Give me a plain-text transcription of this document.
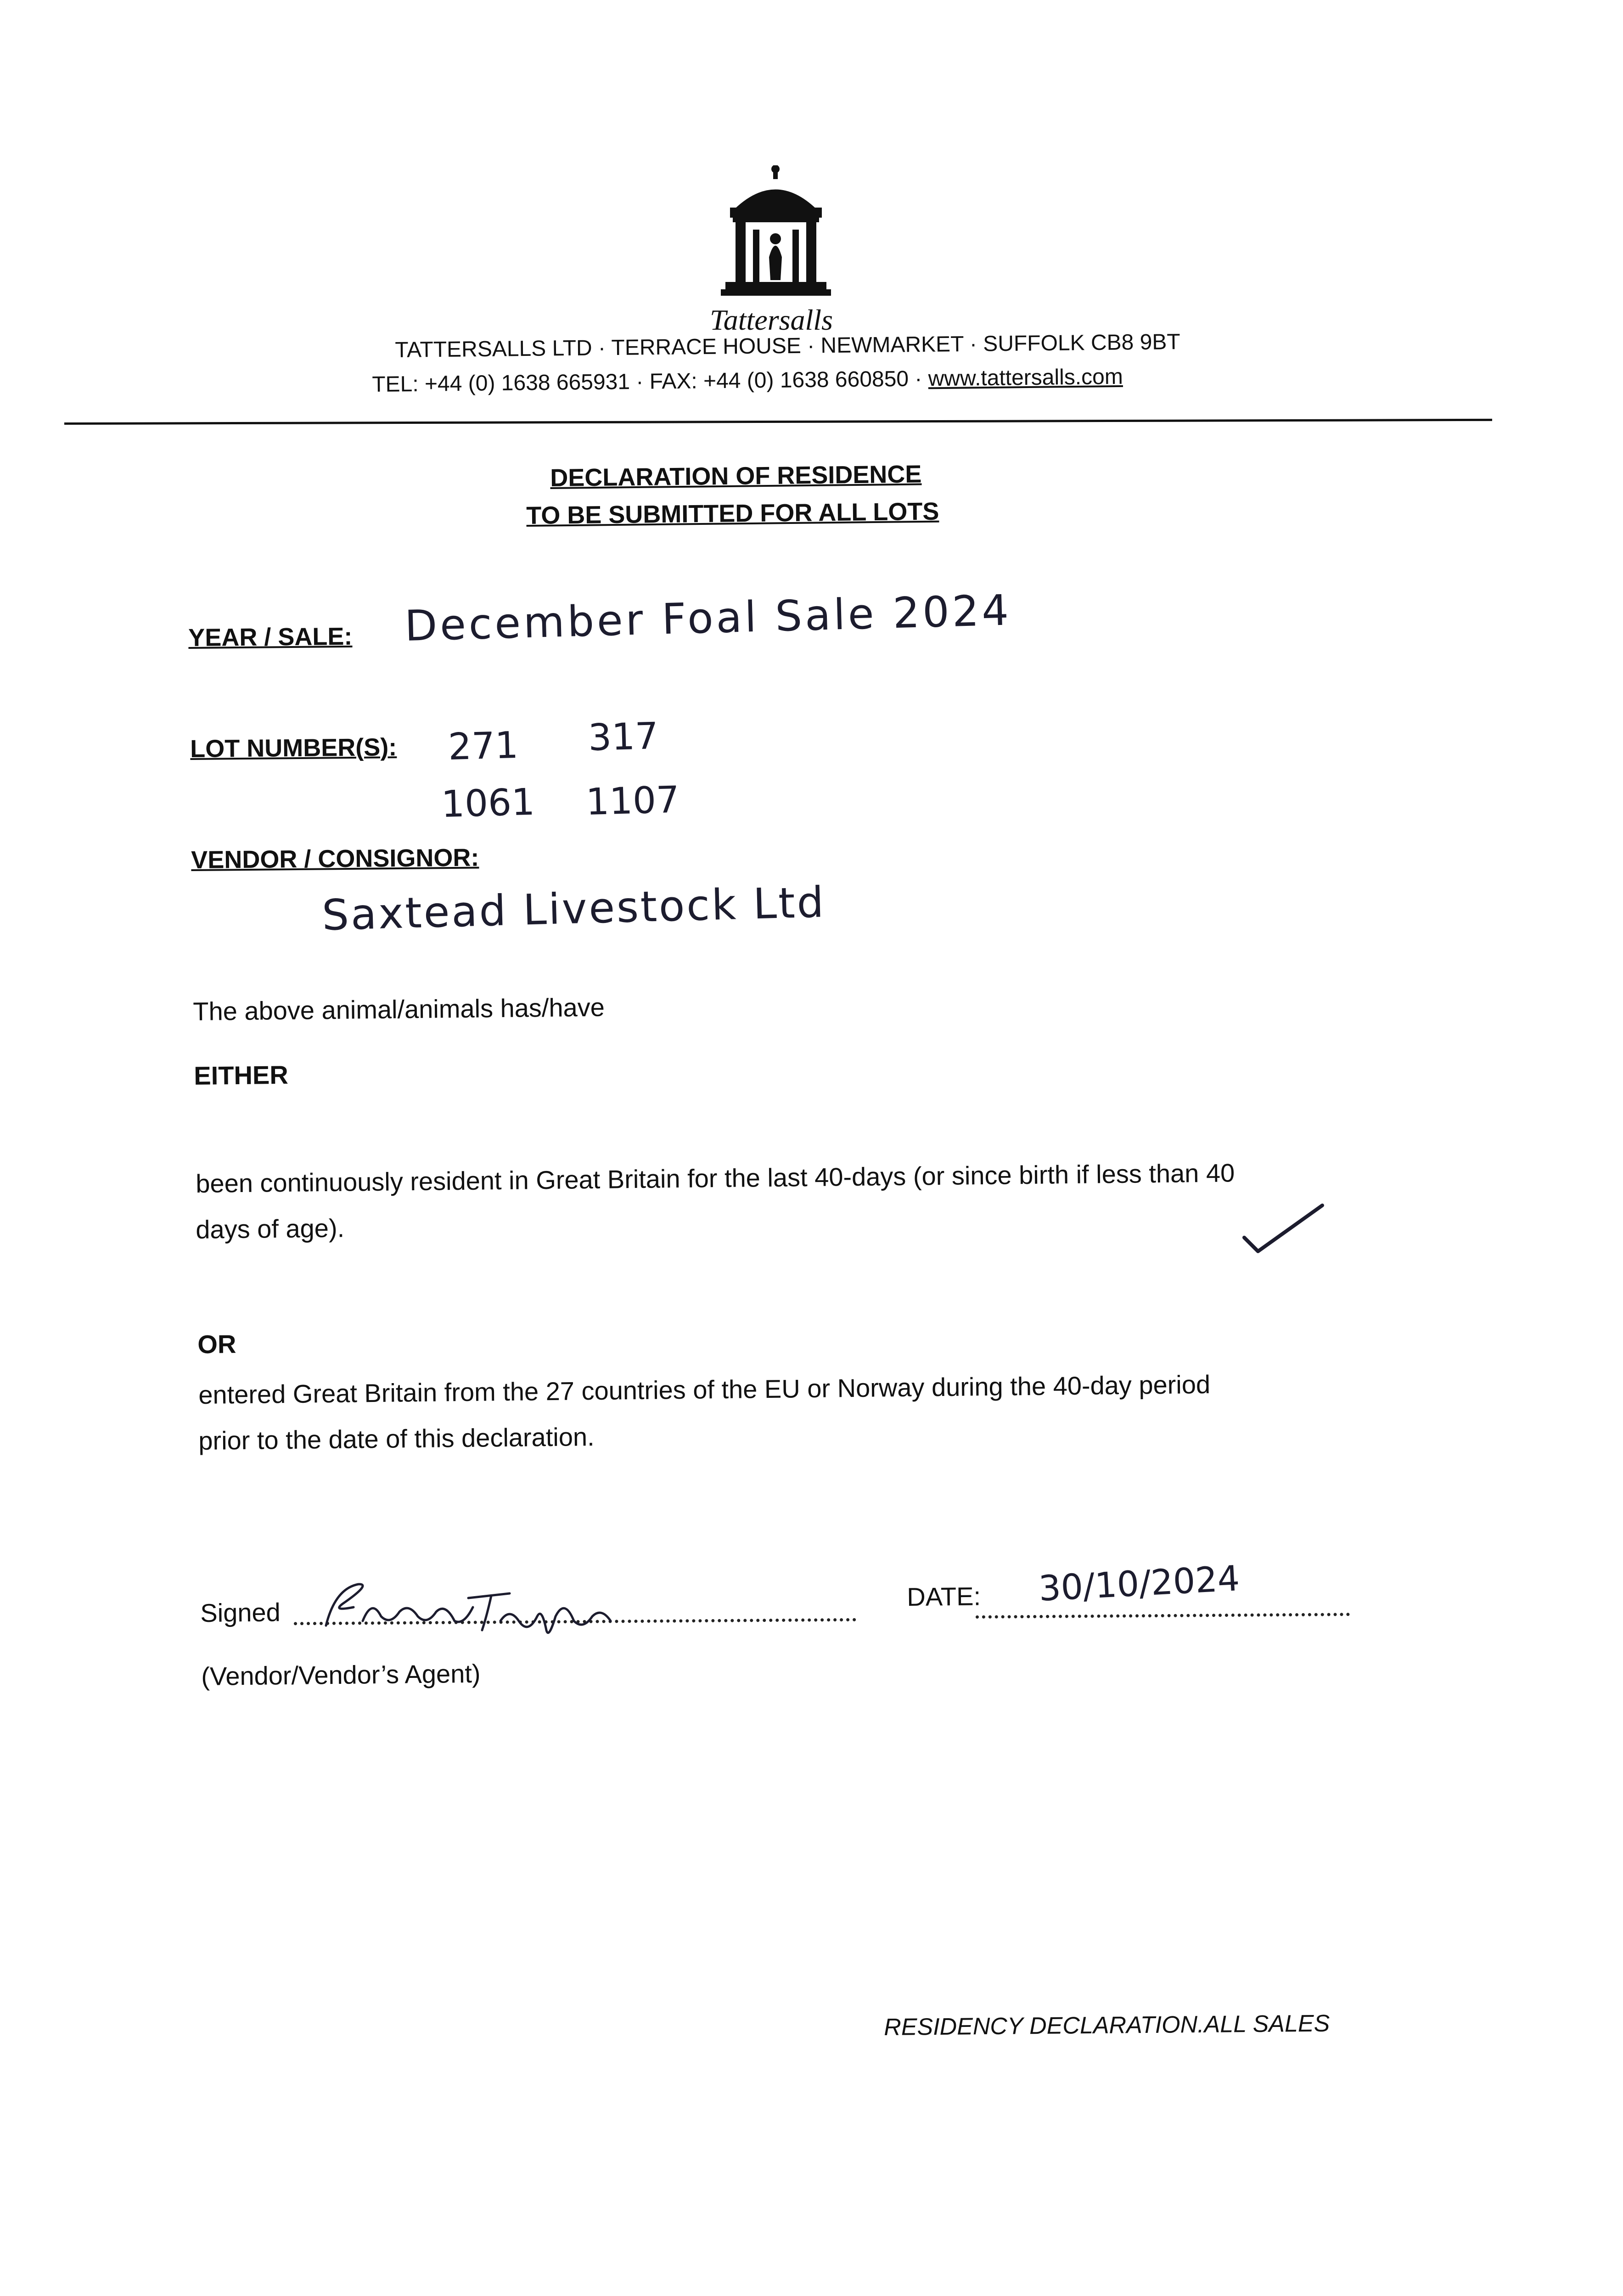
Tattersalls
TATTERSALLS LTD · TERRACE HOUSE · NEWMARKET · SUFFOLK CB8 9BT
TEL: +44 (0) 1638 665931 · FAX: +44 (0) 1638 660850 · www.tattersalls.com
DECLARATION OF RESIDENCE
TO BE SUBMITTED FOR ALL LOTS
YEAR / SALE: December Foal Sale 2024
LOT NUMBER(S): 271 317
1061 1107
VENDOR / CONSIGNOR:
Saxtead Livestock Ltd
The above animal/animals has/have
EITHER
been continuously resident in Great Britain for the last 40-days (or since birth if less than 40
days of age).
OR
entered Great Britain from the 27 countries of the EU or Norway during the 40-day period
prior to the date of this declaration.
Signed
DATE: 30/10/2024
(Vendor/Vendor’s Agent)
RESIDENCY DECLARATION.ALL SALES
